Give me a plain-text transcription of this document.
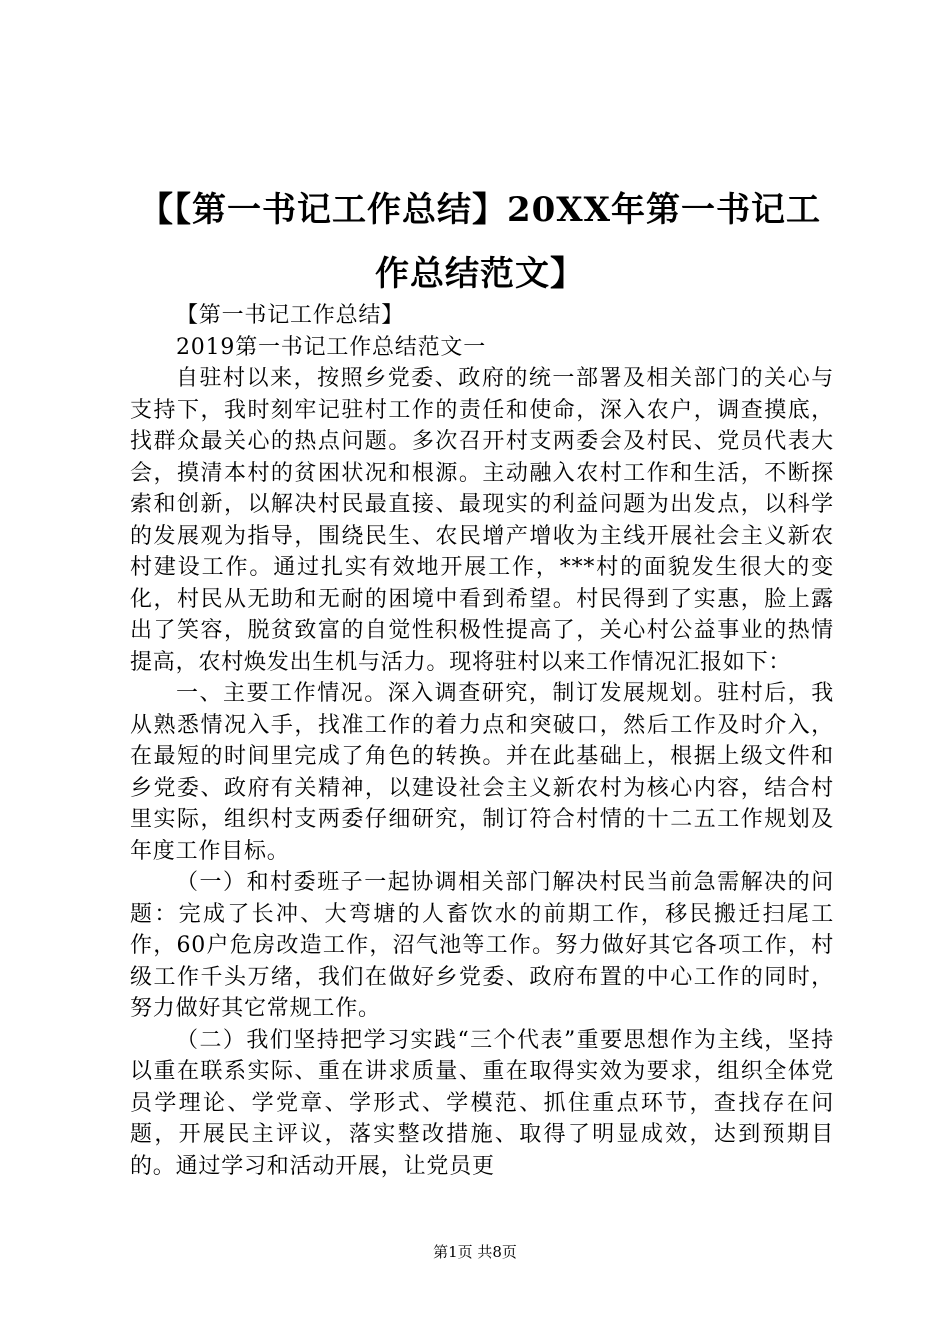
【【第一书记工作总结】20XX年第一书记工
作总结范文】

【第一书记工作总结】

2019第一书记工作总结范文一

自驻村以来，按照乡党委、政府的统一部署及相关部门的关心与支持下，我时刻牢记驻村工作的责任和使命，深入农户，调查摸底，找群众最关心的热点问题。多次召开村支两委会及村民、党员代表大会，摸清本村的贫困状况和根源。主动融入农村工作和生活，不断探索和创新，以解决村民最直接、最现实的利益问题为出发点，以科学的发展观为指导，围绕民生、农民增产增收为主线开展社会主义新农村建设工作。通过扎实有效地开展工作，***村的面貌发生很大的变化，村民从无助和无耐的困境中看到希望。村民得到了实惠，脸上露出了笑容，脱贫致富的自觉性积极性提高了，关心村公益事业的热情提高，农村焕发出生机与活力。现将驻村以来工作情况汇报如下：

一、主要工作情况。深入调查研究，制订发展规划。驻村后，我从熟悉情况入手，找准工作的着力点和突破口，然后工作及时介入，在最短的时间里完成了角色的转换。并在此基础上，根据上级文件和乡党委、政府有关精神，以建设社会主义新农村为核心内容，结合村里实际，组织村支两委仔细研究，制订符合村情的十二五工作规划及年度工作目标。

（一）和村委班子一起协调相关部门解决村民当前急需解决的问题：完成了长冲、大弯塘的人畜饮水的前期工作，移民搬迁扫尾工作，60户危房改造工作，沼气池等工作。努力做好其它各项工作，村级工作千头万绪，我们在做好乡党委、政府布置的中心工作的同时，努力做好其它常规工作。

（二）我们坚持把学习实践“三个代表”重要思想作为主线，坚持以重在联系实际、重在讲求质量、重在取得实效为要求，组织全体党员学理论、学党章、学形式、学模范、抓住重点环节，查找存在问题，开展民主评议，落实整改措施、取得了明显成效，达到预期目的。通过学习和活动开展，让党员更

第1页 共8页
